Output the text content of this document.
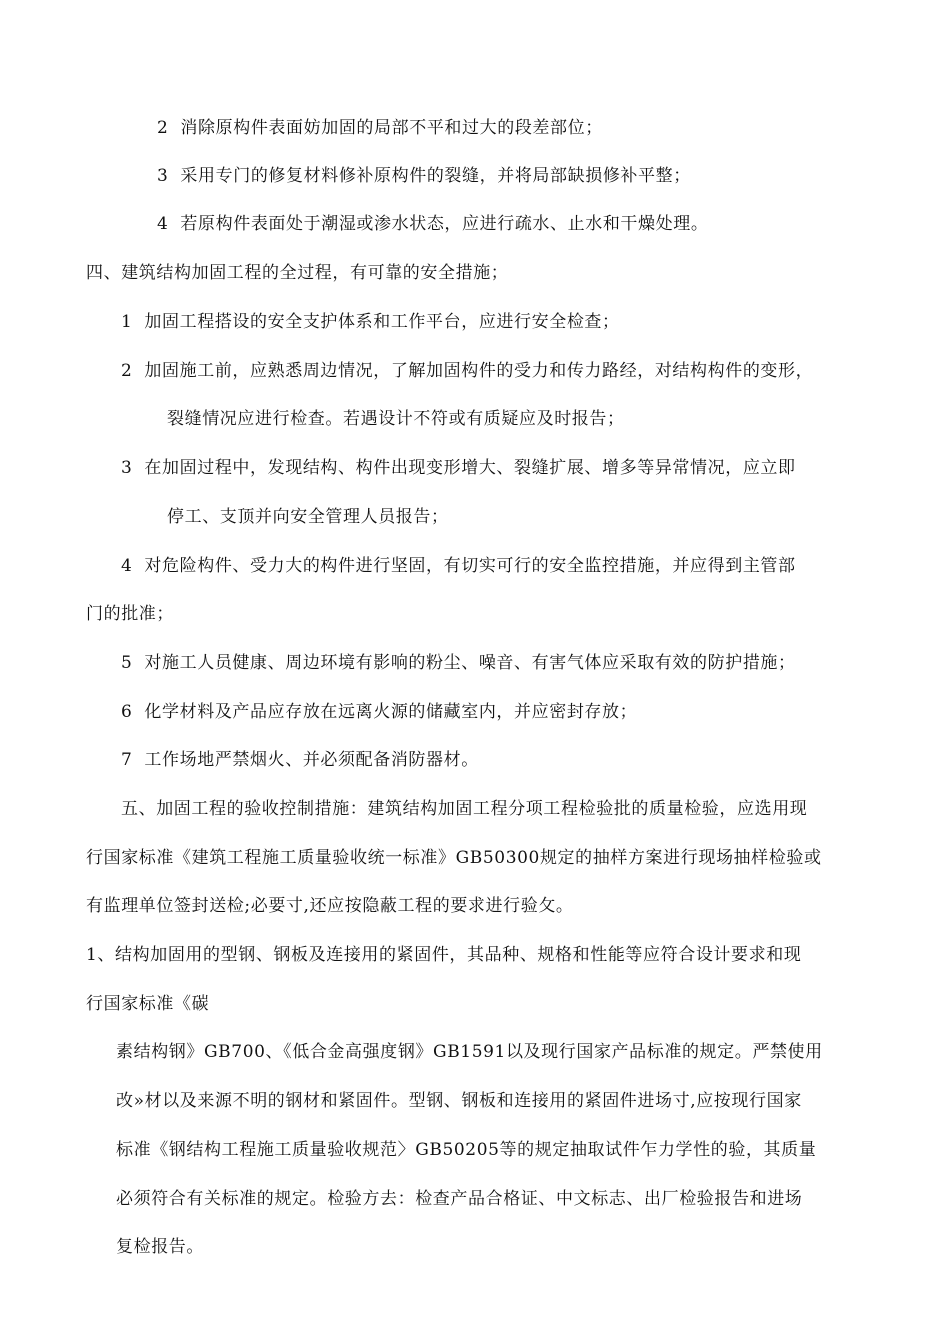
2 消除原构件表面妨加固的局部不平和过大的段差部位；
3 采用专门的修复材料修补原构件的裂缝，并将局部缺损修补平整；
4 若原构件表面处于潮湿或渗水状态，应进行疏水、止水和干燥处理。
四、建筑结构加固工程的全过程，有可靠的安全措施；
1 加固工程搭设的安全支护体系和工作平台，应进行安全检查；
2 加固施工前，应熟悉周边情况，了解加固构件的受力和传力路经，对结构构件的变形，
裂缝情况应进行检查。若遇设计不符或有质疑应及时报告；
3 在加固过程中，发现结构、构件出现变形增大、裂缝扩展、增多等异常情况，应立即
停工、支顶并向安全管理人员报告；
4 对危险构件、受力大的构件进行坚固，有切实可行的安全监控措施，并应得到主管部
门的批准；
5 对施工人员健康、周边环境有影响的粉尘、噪音、有害气体应采取有效的防护措施；
6 化学材料及产品应存放在远离火源的储藏室内，并应密封存放；
7 工作场地严禁烟火、并必须配备消防器材。
五、加固工程的验收控制措施：建筑结构加固工程分项工程检验批的质量检验，应选用现
行国家标准《建筑工程施工质量验收统一标准》GB50300规定的抽样方案进行现场抽样检验或
有监理单位签封送检;必要寸,还应按隐蔽工程的要求进行验攵。
1、结构加固用的型钢、钢板及连接用的紧固件，其品种、规格和性能等应符合设计要求和现
行国家标准《碳
素结构钢》GB700、《低合金高强度钢》GB1591以及现行国家产品标准的规定。严禁使用
改»材以及来源不明的钢材和紧固件。型钢、钢板和连接用的紧固件进场寸,应按现行国家
标准《钢结构工程施工质量验收规范〉GB50205等的规定抽取试件乍力学性的验，其质量
必须符合有关标准的规定。检验方去：检查产品合格证、中文标志、出厂检验报告和进场
复检报告。
